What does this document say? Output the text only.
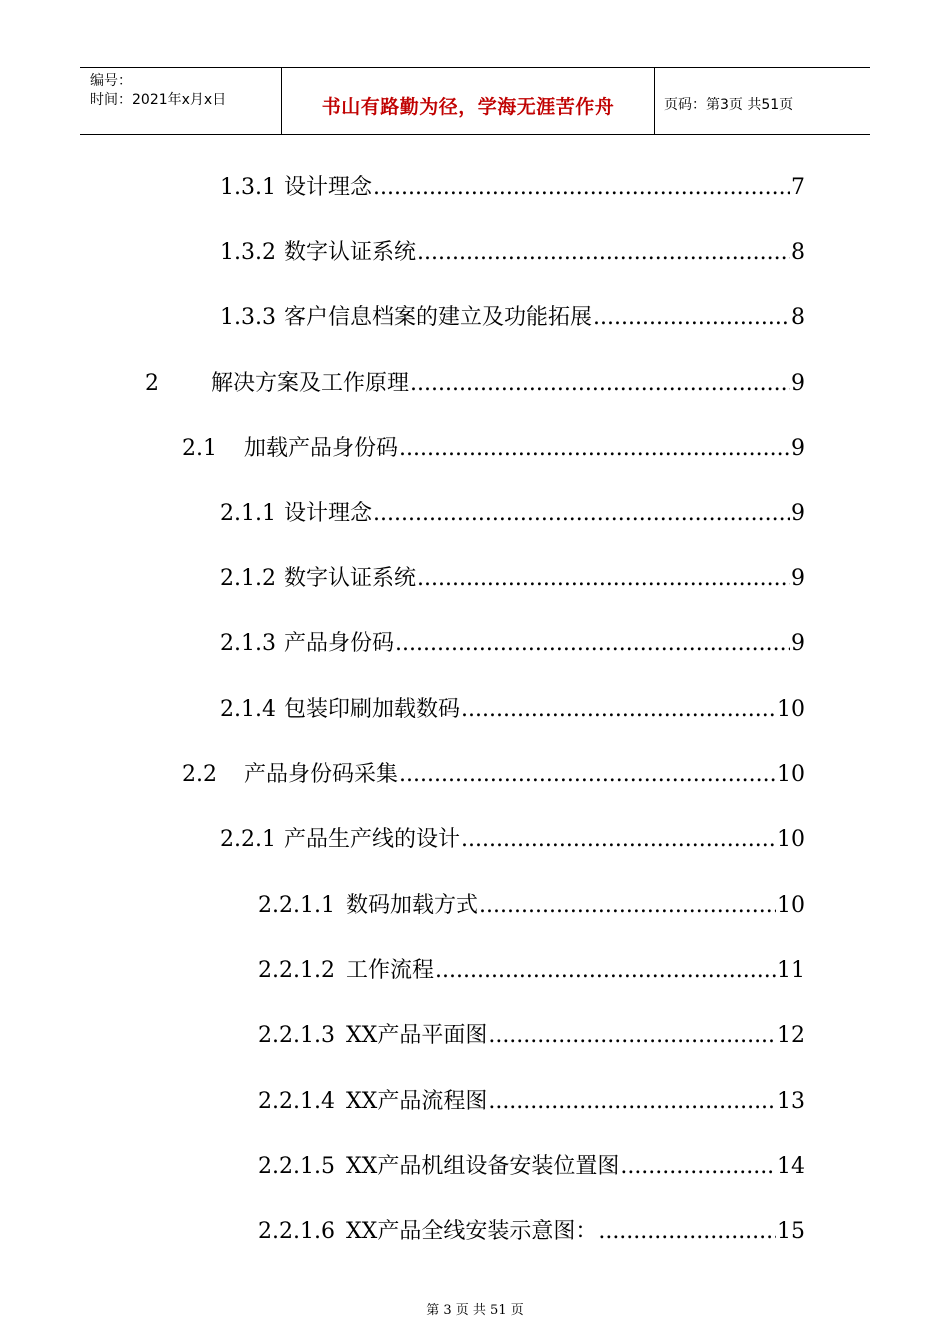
编号：
时间：2021年x月x日	书山有路勤为径，学海无涯苦作舟	页码：第3页 共51页
1.3.1 设计理念 .....	7
1.3.2 数字认证系统 .....	8
1.3.3 客户信息档案的建立及功能拓展 .....	8
2	解决方案及工作原理 .....	9
2.1	加载产品身份码 .....	9
2.1.1 设计理念 .....	9
2.1.2 数字认证系统 .....	9
2.1.3 产品身份码 .....	9
2.1.4 包装印刷加载数码 .....	10
2.2	产品身份码采集 .....	10
2.2.1 产品生产线的设计 .....	10
2.2.1.1 数码加载方式 .....	10
2.2.1.2 工作流程 .....	11
2.2.1.3 XX产品平面图 .....	12
2.2.1.4 XX产品流程图 .....	13
2.2.1.5 XX产品机组设备安装位置图 .....	14
2.2.1.6 XX产品全线安装示意图： .....	15
第 3 页 共 51 页
